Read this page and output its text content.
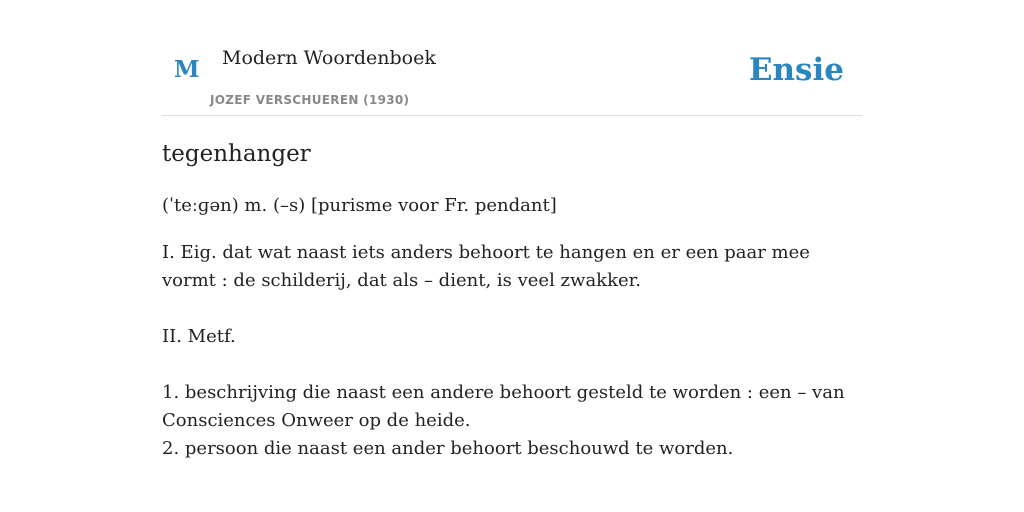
M Modern Woordenboek
JOZEF VERSCHUEREN (1930)
Ensie
tegenhanger
(ˈteːɡən) m. (–s) [purisme voor Fr. pendant]

I. Eig. dat wat naast iets anders behoort te hangen en er een paar mee vormt : de schilderij, dat als – dient, is veel zwakker.

II. Metf.

1. beschrijving die naast een andere behoort gesteld te worden : een – van Consciences Onweer op de heide.

2. persoon die naast een ander behoort beschouwd te worden.
